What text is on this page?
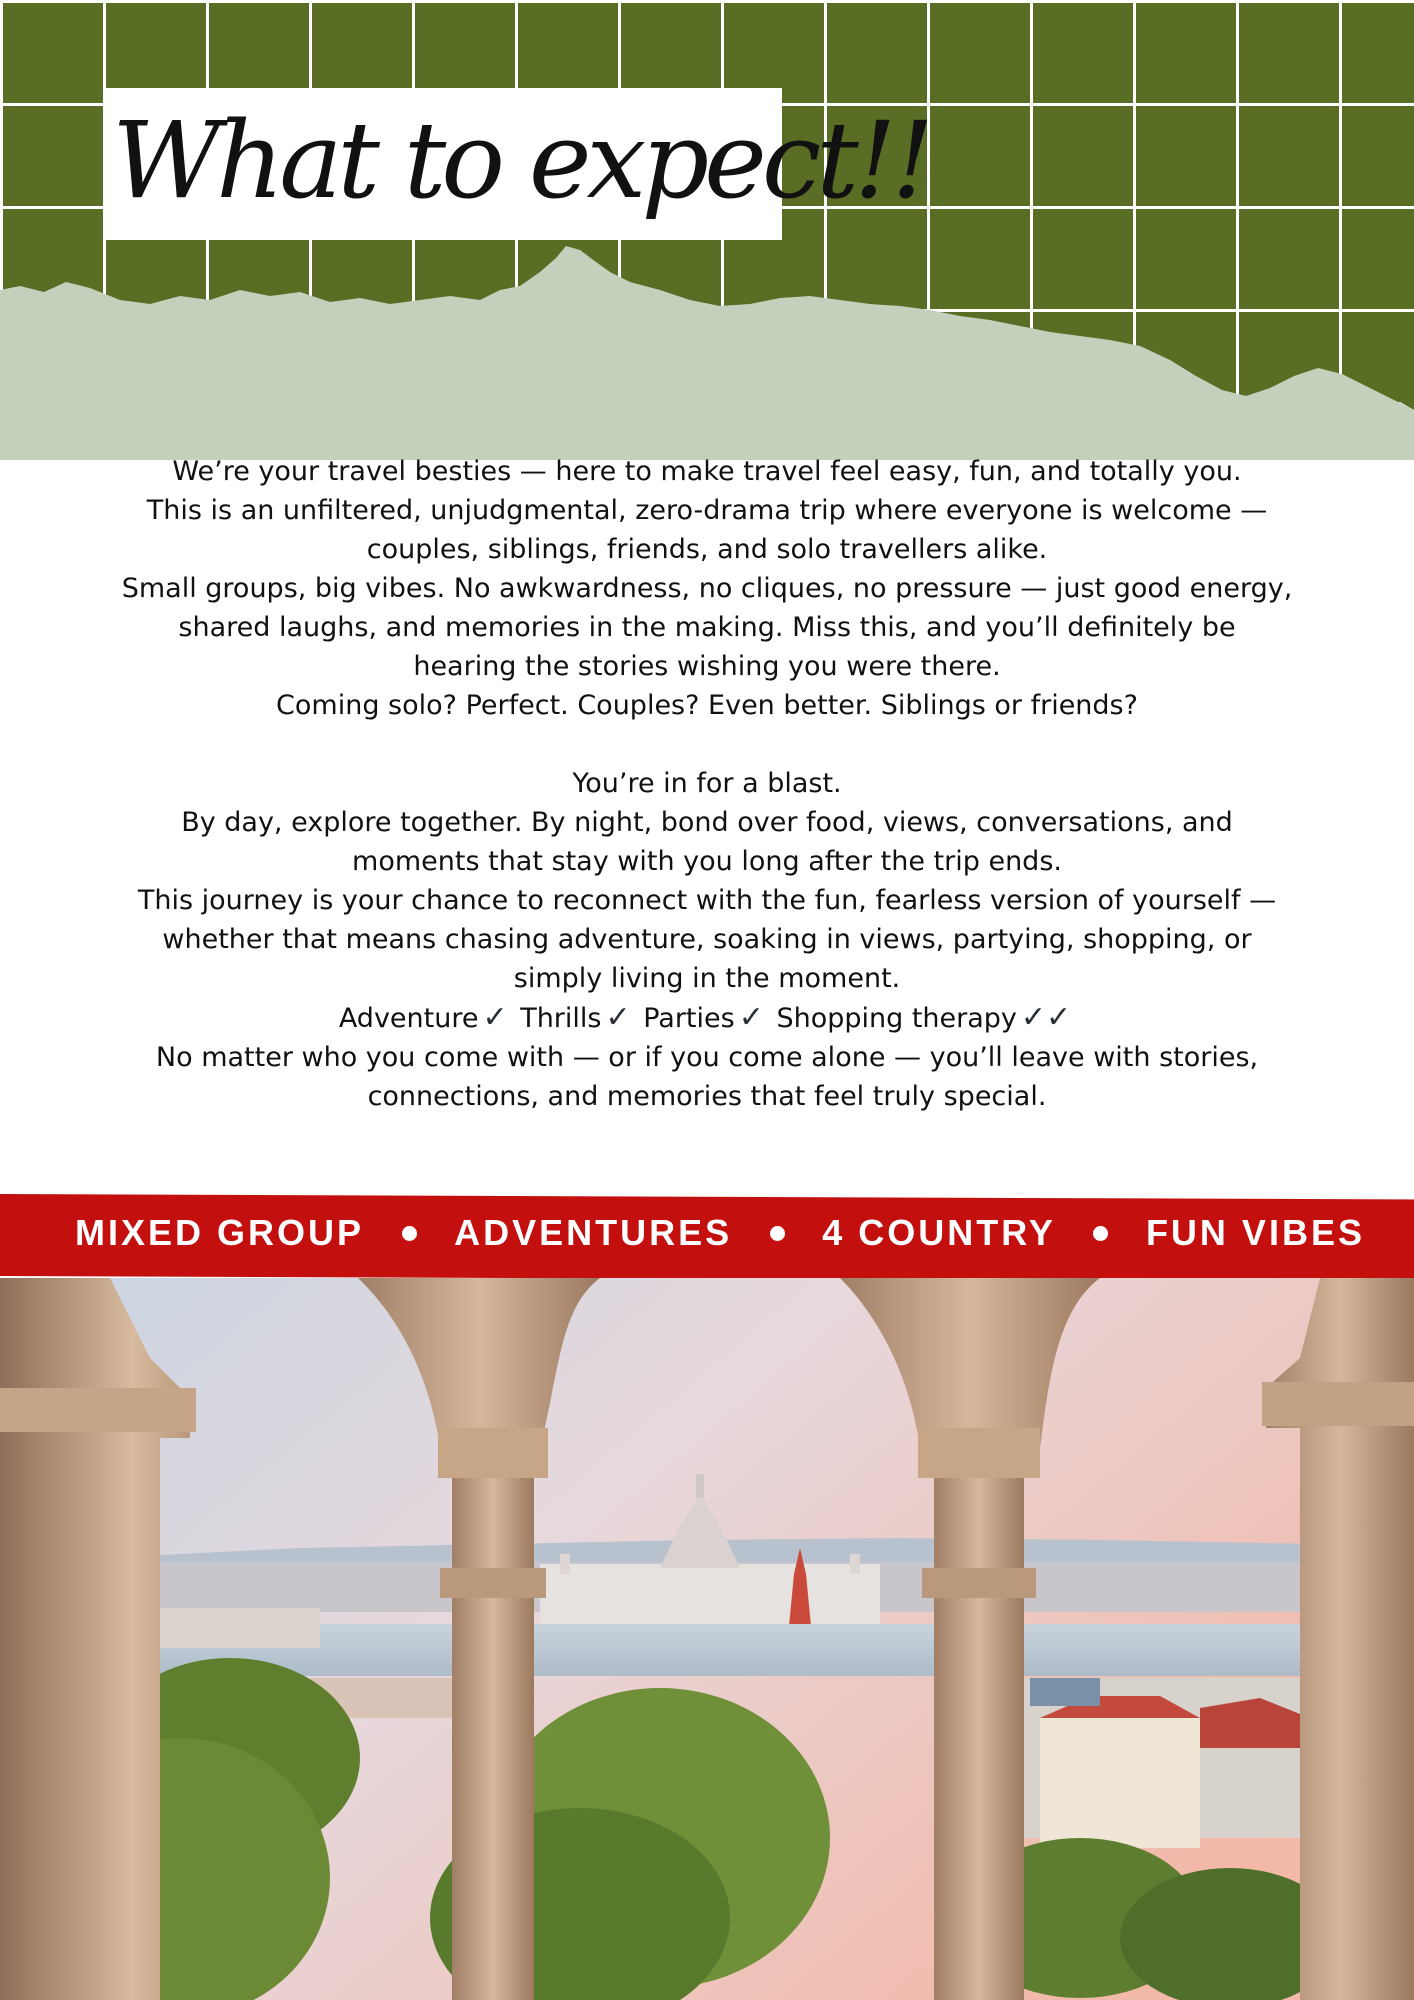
What to expect!!

We’re your travel besties — here to make travel feel easy, fun, and totally you.

This is an unfiltered, unjudgmental, zero-drama trip where everyone is welcome —

couples, siblings, friends, and solo travellers alike.

Small groups, big vibes. No awkwardness, no cliques, no pressure — just good energy,

shared laughs, and memories in the making. Miss this, and you’ll definitely be

hearing the stories wishing you were there.

Coming solo? Perfect. Couples? Even better. Siblings or friends?

You’re in for a blast.

By day, explore together. By night, bond over food, views, conversations, and

moments that stay with you long after the trip ends.

This journey is your chance to reconnect with the fun, fearless version of yourself —

whether that means chasing adventure, soaking in views, partying, shopping, or

simply living in the moment.

Adventure ✓ Thrills ✓ Parties ✓ Shopping therapy ✓✓

No matter who you come with — or if you come alone — you’ll leave with stories,

connections, and memories that feel truly special.

MIXED GROUP	ADVENTURES	4 COUNTRY	FUN VIBES
